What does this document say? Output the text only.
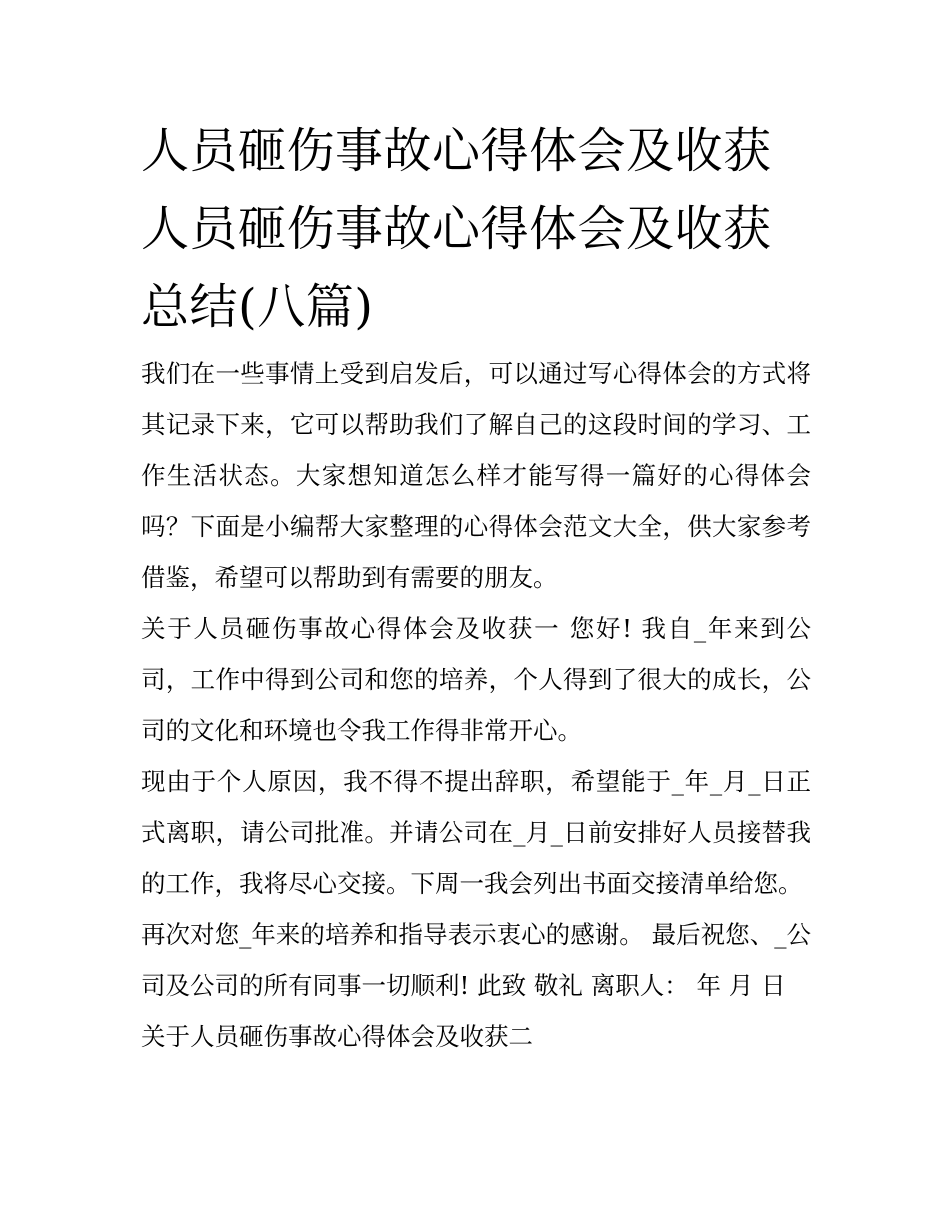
人员砸伤事故心得体会及收获 人员砸伤事故心得体会及收获总结(八篇)

我们在一些事情上受到启发后，可以通过写心得体会的方式将其记录下来，它可以帮助我们了解自己的这段时间的学习、工作生活状态。大家想知道怎么样才能写得一篇好的心得体会吗？下面是小编帮大家整理的心得体会范文大全，供大家参考借鉴，希望可以帮助到有需要的朋友。

关于人员砸伤事故心得体会及收获一 您好! 我自_年来到公司，工作中得到公司和您的培养，个人得到了很大的成长，公司的文化和环境也令我工作得非常开心。

现由于个人原因，我不得不提出辞职，希望能于_年_月_日正式离职，请公司批准。并请公司在_月_日前安排好人员接替我的工作，我将尽心交接。下周一我会列出书面交接清单给您。

再次对您_年来的培养和指导表示衷心的感谢。 最后祝您、_公司及公司的所有同事一切顺利! 此致 敬礼 离职人： 年 月 日

关于人员砸伤事故心得体会及收获二
